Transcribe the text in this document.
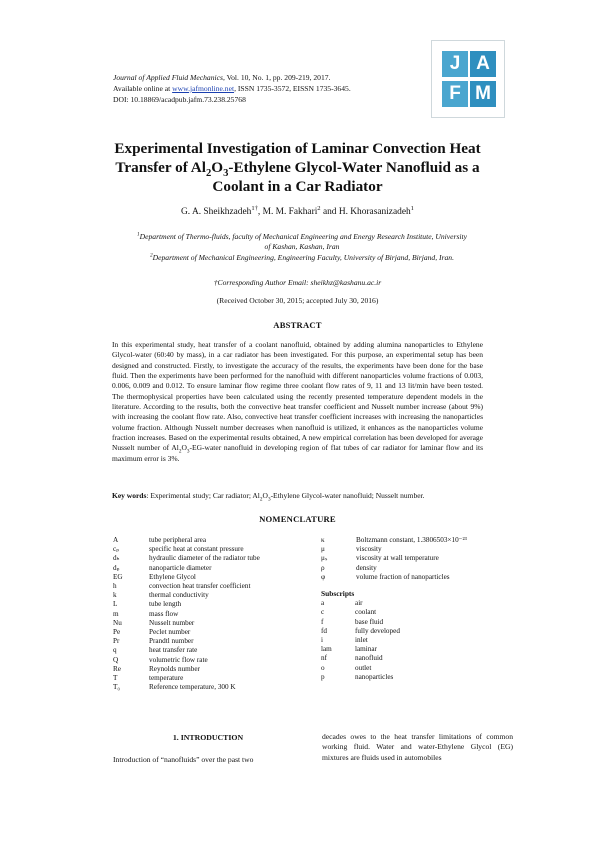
Journal of Applied Fluid Mechanics, Vol. 10, No. 1, pp. 209-219, 2017.
Available online at www.jafmonline.net, ISSN 1735-3572, EISSN 1735-3645.
DOI: 10.18869/acadpub.jafm.73.238.25768
J A
F M
Experimental Investigation of Laminar Convection Heat
Transfer of $Al_2O_3$-Ethylene Glycol-Water Nanofluid as a
Coolant in a Car Radiator
G. A. Sheikhzadeh$^{1\dagger}$, M. M. Fakhari$^2$ and H. Khorasanizadeh$^1$
$^1$Department of Thermo-fluids, faculty of Mechanical Engineering and Energy Research Institute, University
of Kashan, Kashan, Iran
$^2$Department of Mechanical Engineering, Engineering Faculty, University of Birjand, Birjand, Iran.
†Corresponding Author Email: sheikhz@kashanu.ac.ir
(Received October 30, 2015; accepted July 30, 2016)
ABSTRACT
In this experimental study, heat transfer of a coolant nanofluid, obtained by adding alumina nanoparticles to Ethylene Glycol-water (60:40 by mass), in a car radiator has been investigated. For this purpose, an experimental setup has been designed and constructed. Firstly, to investigate the accuracy of the results, the experiments have been done for the base fluid. Then the experiments have been performed for the nanofluid with different nanoparticles volume fractions of 0.003, 0.006, 0.009 and 0.012. To ensure laminar flow regime three coolant flow rates of 9, 11 and 13 lit/min have been tested. The thermophysical properties have been calculated using the recently presented temperature dependent models in the literature. According to the results, both the convective heat transfer coefficient and Nusselt number increase (about 9%) with increasing the coolant flow rate. Also, convective heat transfer coefficient increases with increasing the nanoparticles volume fraction. Although Nusselt number decreases when nanofluid is utilized, it enhances as the nanoparticles volume fraction increases. Based on the experimental results obtained, A new empirical correlation has been developed for average Nusselt number of $Al_2O_3-EG$-water nanofluid in developing region of flat tubes of car radiator for laminar flow and its maximum error is 3%.
Key words: Experimental study; Car radiator; $Al_2O_3$-Ethylene Glycol-water nanofluid; Nusselt number.
NOMENCLATURE
A	tube peripheral area
cₚ	specific heat at constant pressure
dₕ	hydraulic diameter of the radiator tube
dₚ	nanoparticle diameter
EG	Ethylene Glycol
h	convection heat transfer coefficient
k	thermal conductivity
L	tube length
m	mass flow
Nu	Nusselt number
Pe	Peclet number
Pr	Prandtl number
q	heat transfer rate
Q	volumetric flow rate
Re	Reynolds number
T	temperature
T₀	Reference temperature, 300 K
κ	Boltzmann constant, 1.3806503×10⁻²³
μ	viscosity
μₛ	viscosity at wall temperature
ρ	density
φ	volume fraction of nanoparticles
Subscripts
a	air
c	coolant
f	base fluid
fd	fully developed
i	inlet
lam	laminar
nf	nanofluid
o	outlet
p	nanoparticles
1. INTRODUCTION
Introduction of “nanofluids” over the past two
decades owes to the heat transfer limitations of common working fluid. Water and water-Ethylene Glycol (EG) mixtures are fluids used in automobiles
